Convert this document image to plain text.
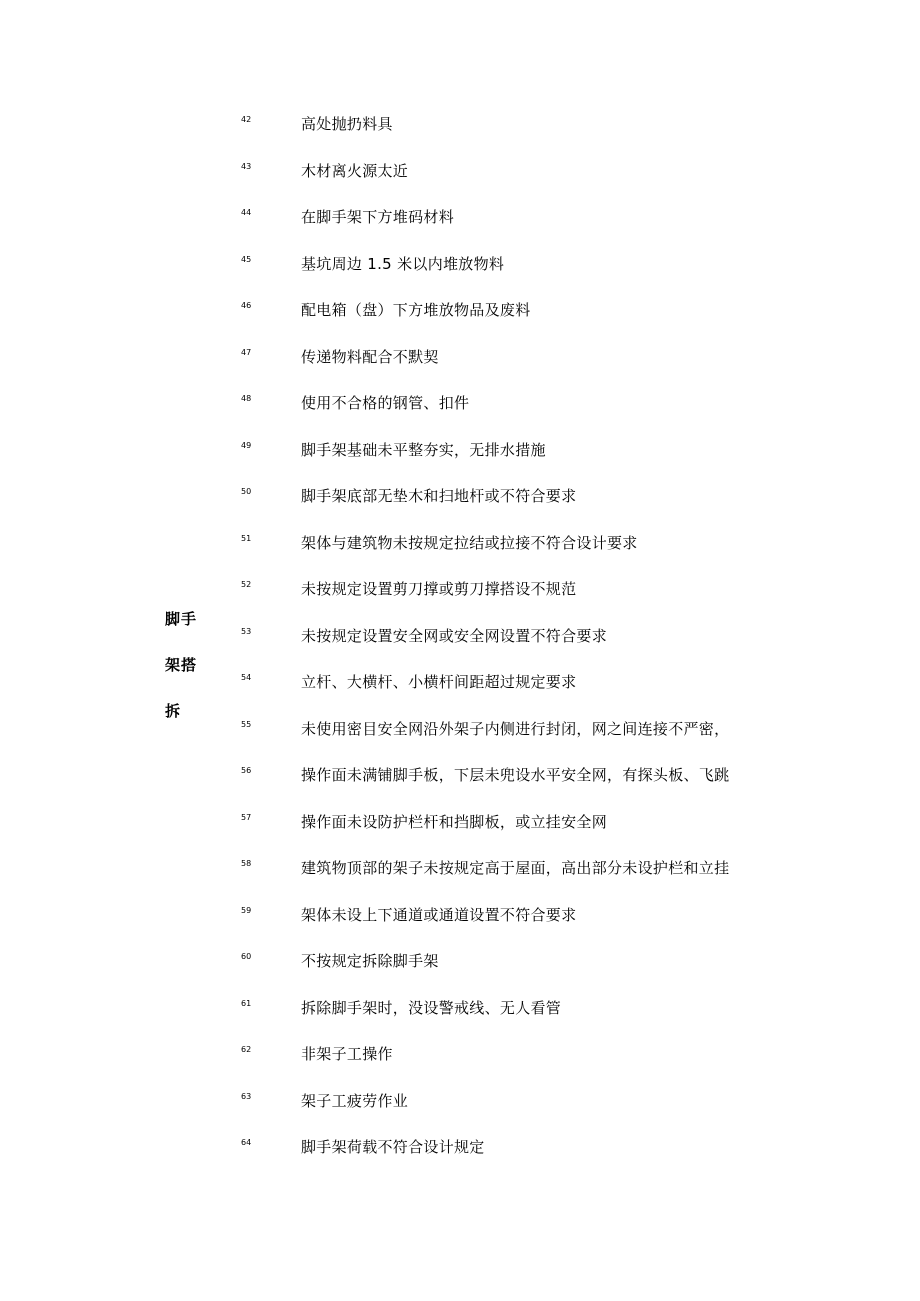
脚手
架搭
拆
42	高处抛扔料具
43	木材离火源太近
44	在脚手架下方堆码材料
45	基坑周边 1.5 米以内堆放物料
46	配电箱（盘）下方堆放物品及废料
47	传递物料配合不默契
48	使用不合格的钢管、扣件
49	脚手架基础未平整夯实，无排水措施
50	脚手架底部无垫木和扫地杆或不符合要求
51	架体与建筑物未按规定拉结或拉接不符合设计要求
52	未按规定设置剪刀撑或剪刀撑搭设不规范
53	未按规定设置安全网或安全网设置不符合要求
54	立杆、大横杆、小横杆间距超过规定要求
55	未使用密目安全网沿外架子内侧进行封闭，网之间连接不严密，
56	操作面未满铺脚手板，下层未兜设水平安全网，有探头板、飞跳
57	操作面未设防护栏杆和挡脚板，或立挂安全网
58	建筑物顶部的架子未按规定高于屋面，高出部分未设护栏和立挂
59	架体未设上下通道或通道设置不符合要求
60	不按规定拆除脚手架
61	拆除脚手架时，没设警戒线、无人看管
62	非架子工操作
63	架子工疲劳作业
64	脚手架荷载不符合设计规定
